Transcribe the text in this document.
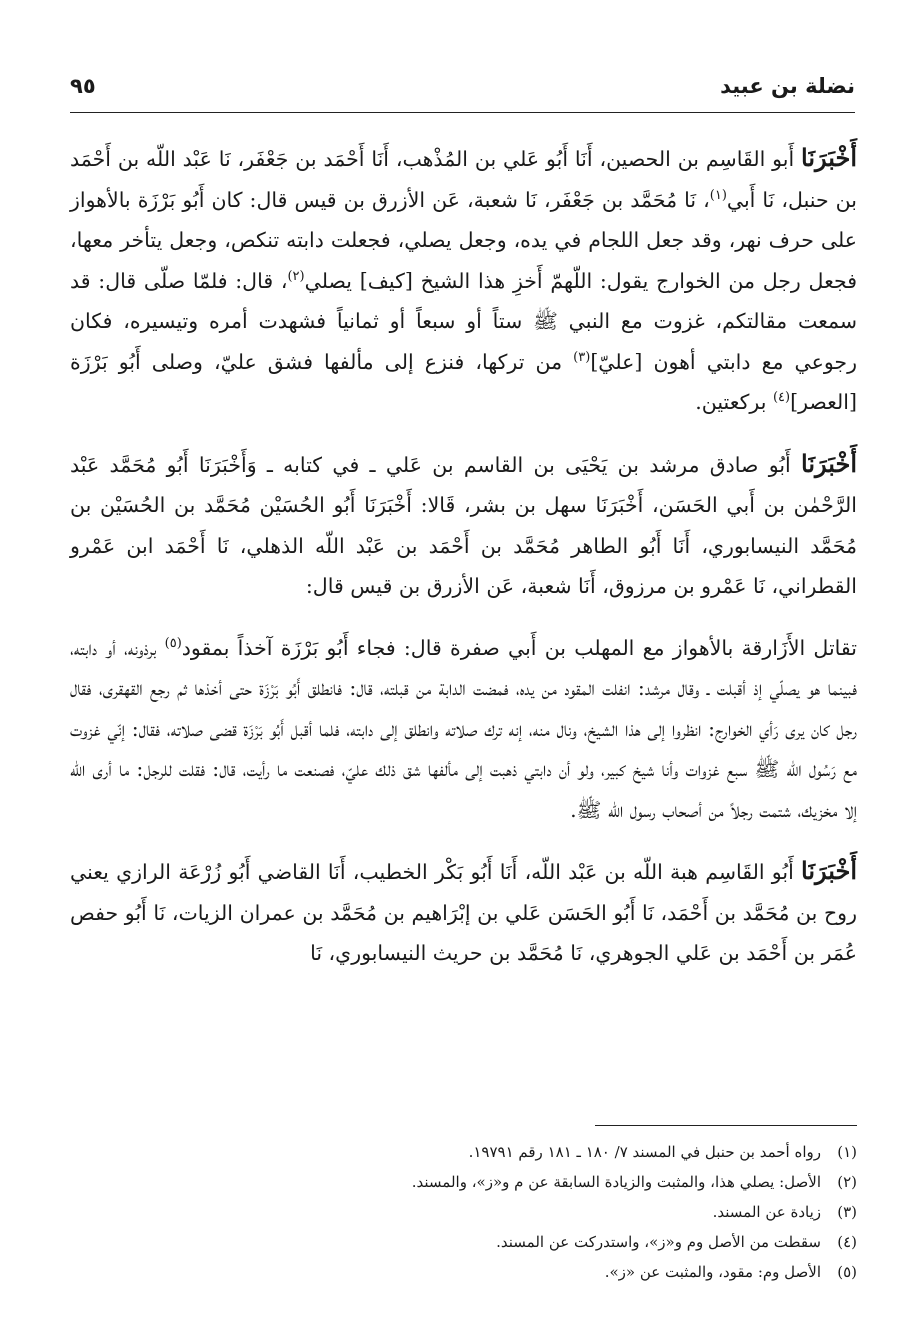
نضلة بن عبيد
٩٥

أَخْبَرَنَا أَبو القَاسِم بن الحصين، أَنَا أَبُو عَلي بن المُذْهب، أَنَا أَحْمَد بن جَعْفَر، نَا عَبْد اللّه بن أَحْمَد بن حنبل، نَا أَبي$^{(١)}$، نَا مُحَمَّد بن جَعْفَر، نَا شعبة، عَن الأزرق بن قيس قال: كان أَبُو بَرْزَة بالأهواز على حرف نهر، وقد جعل اللجام في يده، وجعل يصلي، فجعلت دابته تنكص، وجعل يتأخر معها، فجعل رجل من الخوارج يقول: اللّهمّ أَخزِ هذا الشيخ [كيف] يصلي$^{(٢)}$، قال: فلمّا صلّى قال: قد سمعت مقالتكم، غزوت مع النبي ﷺ ستاً أو سبعاً أو ثمانياً فشهدت أمره وتيسيره، فكان رجوعي مع دابتي أهون [عليّ]$^{(٣)}$ من تركها، فنزع إلى مألفها فشق عليّ، وصلى أَبُو بَرْزَة [العصر]$^{(٤)}$ بركعتين.

أَخْبَرَنَا أَبُو صادق مرشد بن يَحْيَى بن القاسم بن عَلي ـ في كتابه ـ وَأَخْبَرَنَا أَبُو مُحَمَّد عَبْد الرَّحْمٰن بن أَبي الحَسَن، أَخْبَرَنَا سهل بن بشر، قَالا: أَخْبَرَنَا أَبُو الحُسَيْن مُحَمَّد بن الحُسَيْن بن مُحَمَّد النيسابوري، أَنَا أَبُو الطاهر مُحَمَّد بن أَحْمَد بن عَبْد اللّه الذهلي، نَا أَحْمَد ابن عَمْرو القطراني، نَا عَمْرو بن مرزوق، أَنَا شعبة، عَن الأزرق بن قيس قال:

تقاتل الأَزَارقة بالأهواز مع المهلب بن أَبي صفرة قال: فجاء أَبُو بَرْزَة آخذاً بمقود$^{(٥)}$ برذونه، أو دابته، فبينما هو يصلّي إذ أقبلت ـ وقال مرشد: انفلت المقود من يده، فمضت الدابة من قبلته، قال: فانطلق أَبُو بَرْزَة حتى أخذها ثم رجع القهقرى، فقال رجل كان يرى رَأي الخوارج: انظروا إلى هذا الشيخ، ونال منه، إنه ترك صلاته وانطلق إلى دابته، فلما أقبل أَبُو بَرْزَة قضى صلاته، فقال: إنّي غزوت مع رَسُول اللّه ﷺ سبع غزوات وأنا شيخ كبير، ولو أن دابتي ذهبت إلى مألفها شق ذلك عليّ، فصنعت ما رأيت، قال: فقلت للرجل: ما أرى اللّه إلا مخزيك، شتمت رجلاً من أصحاب رسول اللّه ﷺ.

أَخْبَرَنَا أَبُو القَاسِم هبة اللّه بن عَبْد اللّه، أَنَا أَبُو بَكْر الخطيب، أَنَا القاضي أَبُو زُرْعَة الرازي يعني روح بن مُحَمَّد بن أَحْمَد، نَا أَبُو الحَسَن عَلي بن إبْرَاهيم بن مُحَمَّد بن عمران الزيات، نَا أَبُو حفص عُمَر بن أَحْمَد بن عَلي الجوهري، نَا مُحَمَّد بن حريث النيسابوري، نَا

(١)
رواه أحمد بن حنبل في المسند ٧/ ١٨٠ ـ ١٨١ رقم ١٩٧٩١.
(٢)
الأصل: يصلي هذا، والمثبت والزيادة السابقة عن م و«ز»، والمسند.
(٣)
زيادة عن المسند.
(٤)
سقطت من الأصل وم و«ز»، واستدركت عن المسند.
(٥)
الأصل وم: مقود، والمثبت عن «ز».
